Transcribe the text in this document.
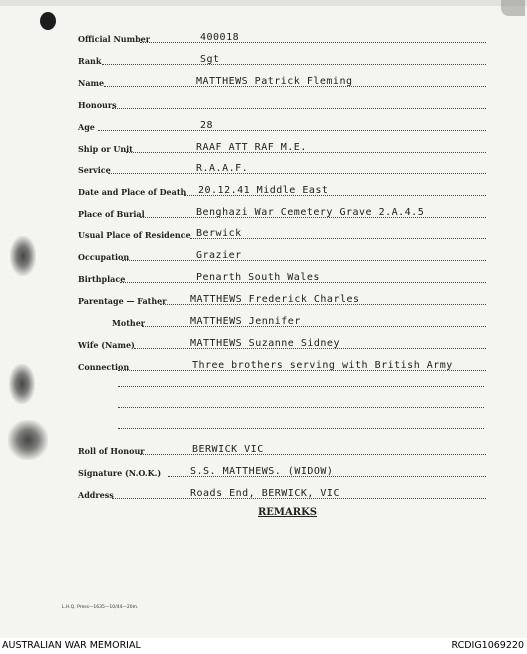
Official Number	400018
Rank	Sgt
Name	MATTHEWS Patrick Fleming
Honours
Age	28
Ship or Unit	RAAF ATT RAF M.E.
Service	R.A.A.F.
Date and Place of Death 20.12.41 Middle East
Place of Burial	Benghazi War Cemetery Grave 2.A.4.5
Usual Place of Residence Berwick
Occupation	Grazier
Birthplace	Penarth South Wales
Parentage — Father MATTHEWS Frederick Charles
Mother	MATTHEWS Jennifer
Wife (Name)	MATTHEWS Suzanne Sidney
Connection	Three brothers serving with British Army
Roll of Honour	BERWICK VIC
Signature (N.O.K.)	S.S. MATTHEWS. (WIDOW)
Address	Roads End, BERWICK, VIC
REMARKS
L.H.Q. Press—1635—10/44—20m.
AUSTRALIAN WAR MEMORIAL	RCDIG1069220
